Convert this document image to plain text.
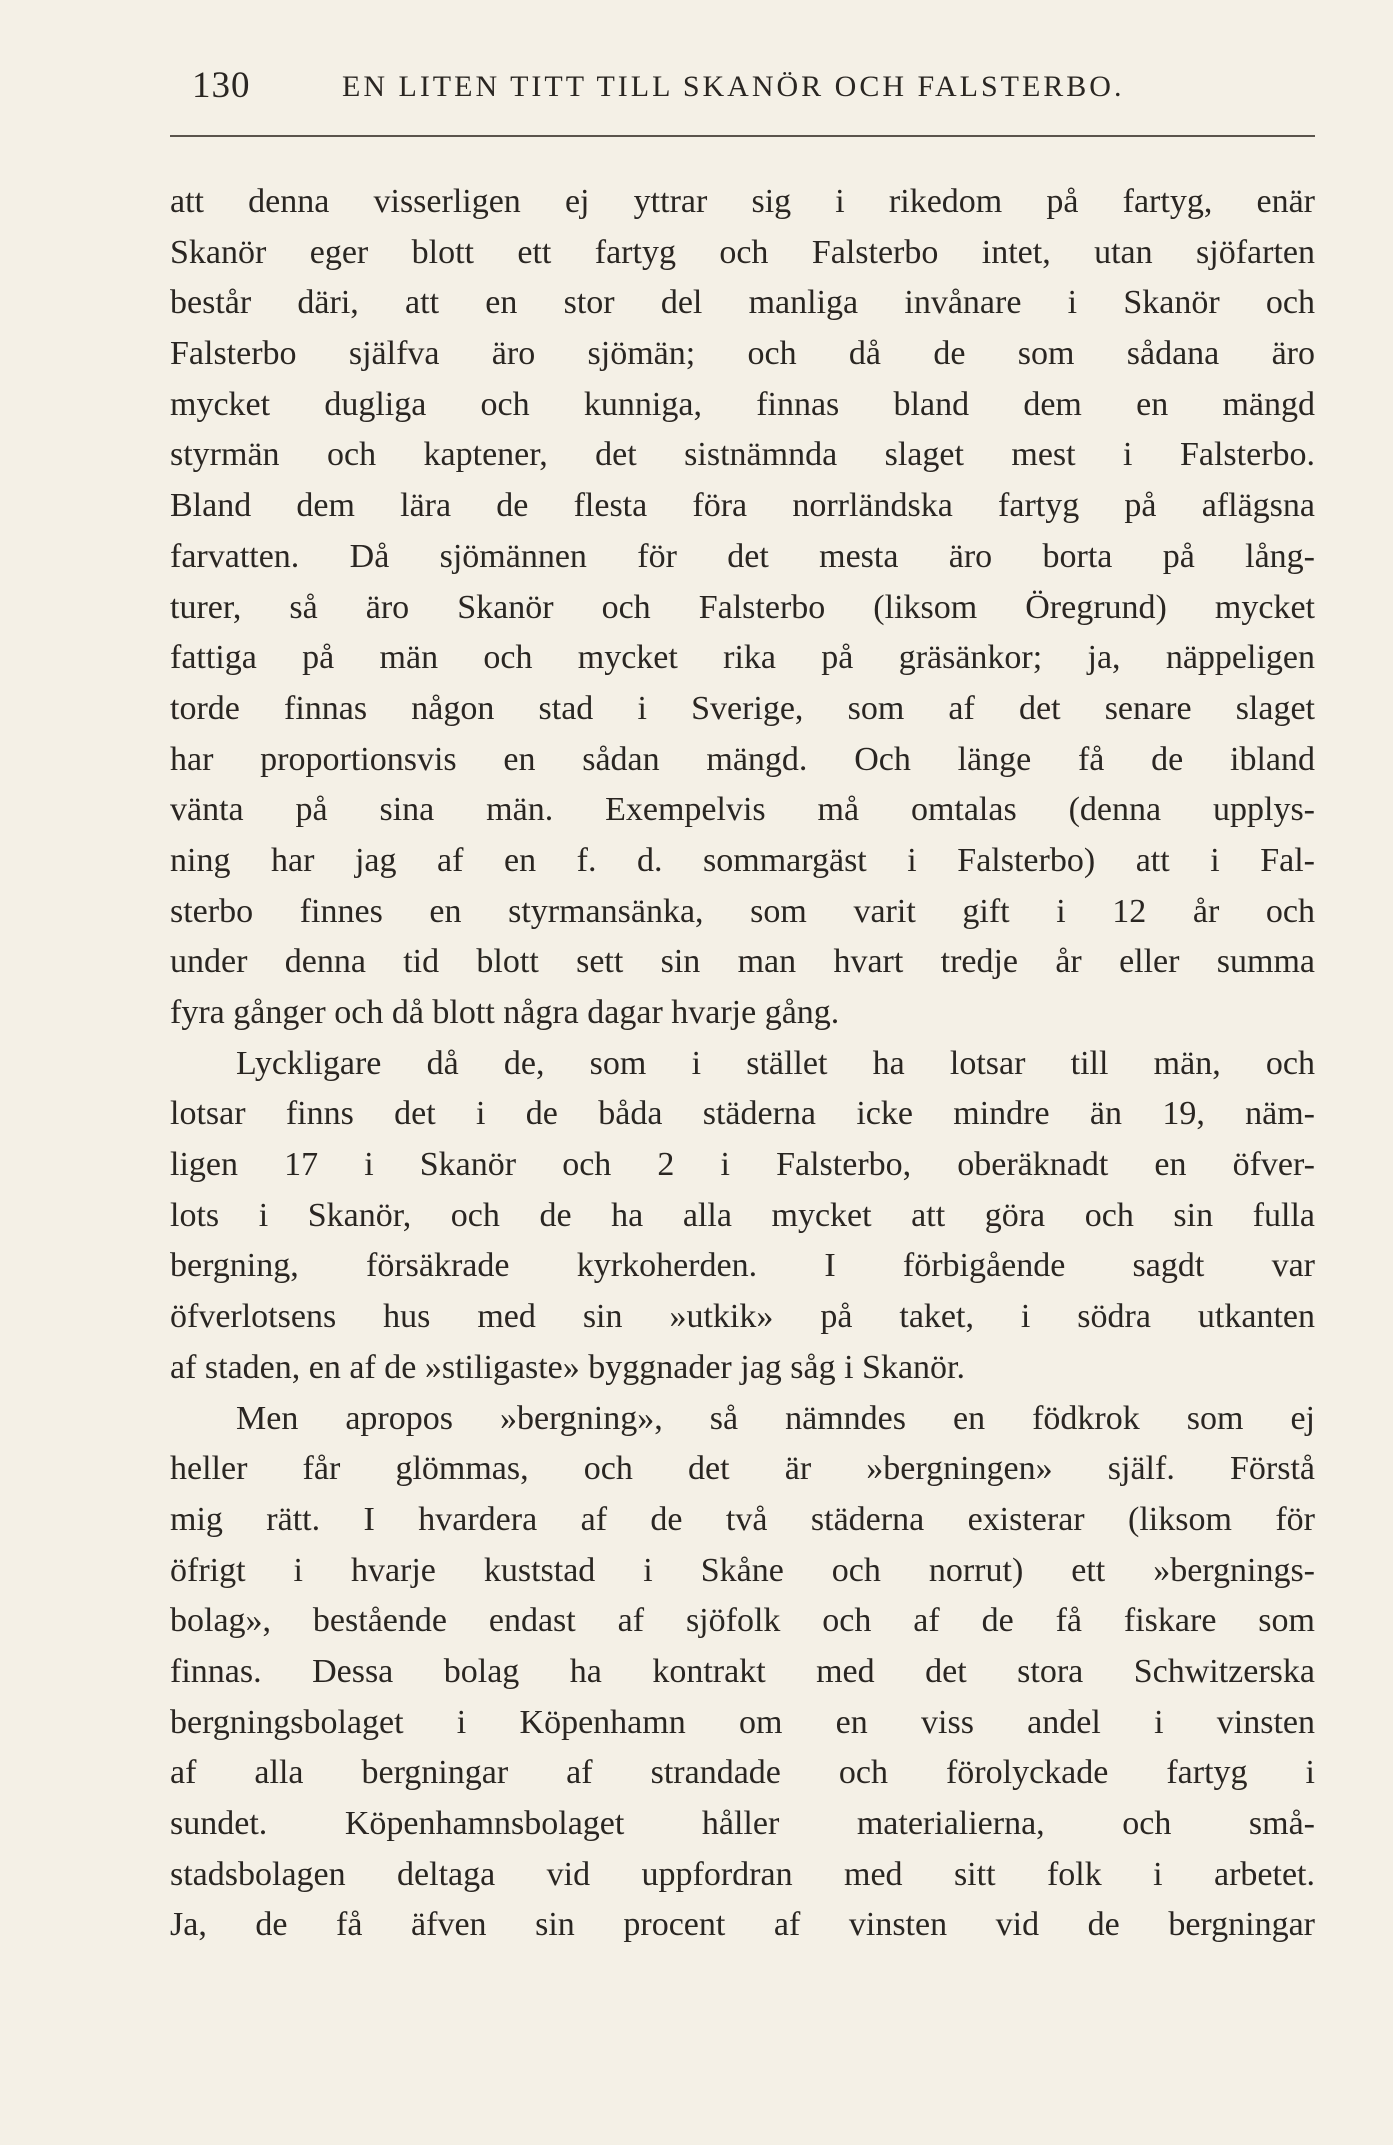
130	EN LITEN TITT TILL SKANÖR OCH FALSTERBO.
att denna visserligen ej yttrar sig i rikedom på fartyg, enär
Skanör eger blott ett fartyg och Falsterbo intet, utan sjöfarten
består däri, att en stor del manliga invånare i Skanör och
Falsterbo själfva äro sjömän; och då de som sådana äro
mycket dugliga och kunniga, finnas bland dem en mängd
styrmän och kaptener, det sistnämnda slaget mest i Falsterbo.
Bland dem lära de flesta föra norrländska fartyg på aflägsna
farvatten. Då sjömännen för det mesta äro borta på lång-
turer, så äro Skanör och Falsterbo (liksom Öregrund) mycket
fattiga på män och mycket rika på gräsänkor; ja, näppeligen
torde finnas någon stad i Sverige, som af det senare slaget
har proportionsvis en sådan mängd. Och länge få de ibland
vänta på sina män. Exempelvis må omtalas (denna upplys-
ning har jag af en f. d. sommargäst i Falsterbo) att i Fal-
sterbo finnes en styrmansänka, som varit gift i 12 år och
under denna tid blott sett sin man hvart tredje år eller summa
fyra gånger och då blott några dagar hvarje gång.
Lyckligare då de, som i stället ha lotsar till män, och
lotsar finns det i de båda städerna icke mindre än 19, näm-
ligen 17 i Skanör och 2 i Falsterbo, oberäknadt en öfver-
lots i Skanör, och de ha alla mycket att göra och sin fulla
bergning, försäkrade kyrkoherden. I förbigående sagdt var
öfverlotsens hus med sin »utkik» på taket, i södra utkanten
af staden, en af de »stiligaste» byggnader jag såg i Skanör.
Men apropos »bergning», så nämndes en födkrok som ej
heller får glömmas, och det är »bergningen» själf. Förstå
mig rätt. I hvardera af de två städerna existerar (liksom för
öfrigt i hvarje kuststad i Skåne och norrut) ett »bergnings-
bolag», bestående endast af sjöfolk och af de få fiskare som
finnas. Dessa bolag ha kontrakt med det stora Schwitzerska
bergningsbolaget i Köpenhamn om en viss andel i vinsten
af alla bergningar af strandade och förolyckade fartyg i
sundet. Köpenhamnsbolaget håller materialierna, och små-
stadsbolagen deltaga vid uppfordran med sitt folk i arbetet.
Ja, de få äfven sin procent af vinsten vid de bergningar
